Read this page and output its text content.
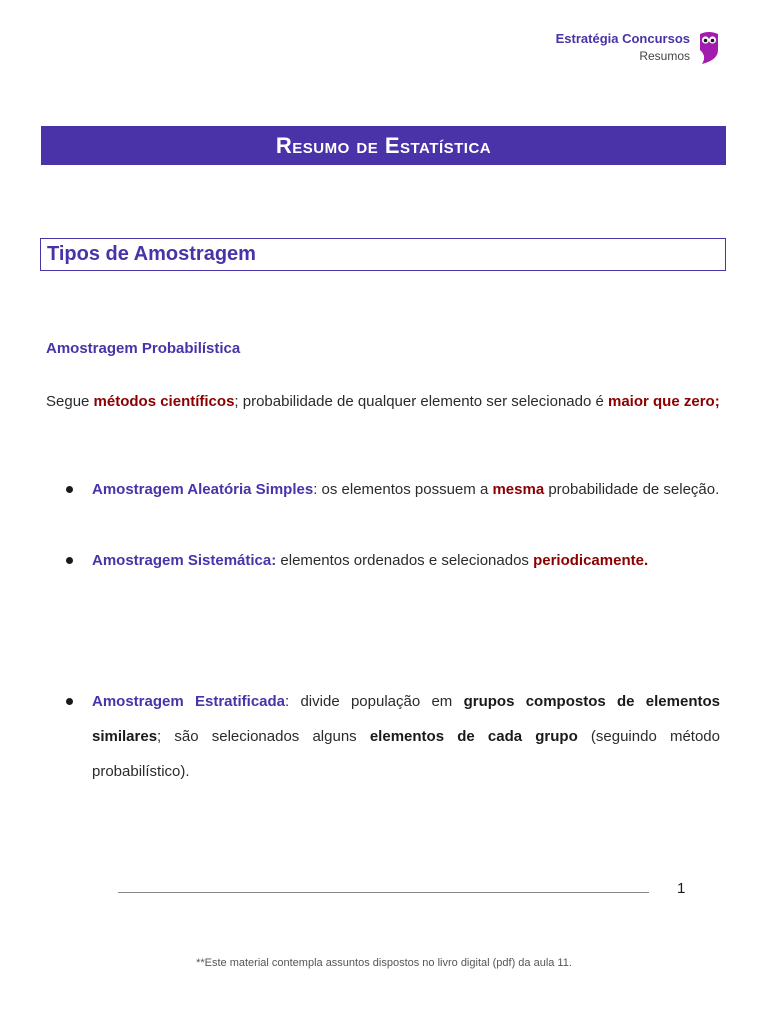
Estratégia Concursos
Resumos
Resumo de Estatística
Tipos de Amostragem
Amostragem Probabilística
Segue métodos científicos; probabilidade de qualquer elemento ser selecionado é maior que zero;
Amostragem Aleatória Simples: os elementos possuem a mesma probabilidade de seleção.
Amostragem Sistemática: elementos ordenados e selecionados periodicamente.
Amostragem Estratificada: divide população em grupos compostos de elementos similares; são selecionados alguns elementos de cada grupo (seguindo método probabilístico).
1
**Este material contempla assuntos dispostos no livro digital (pdf) da aula 11.
